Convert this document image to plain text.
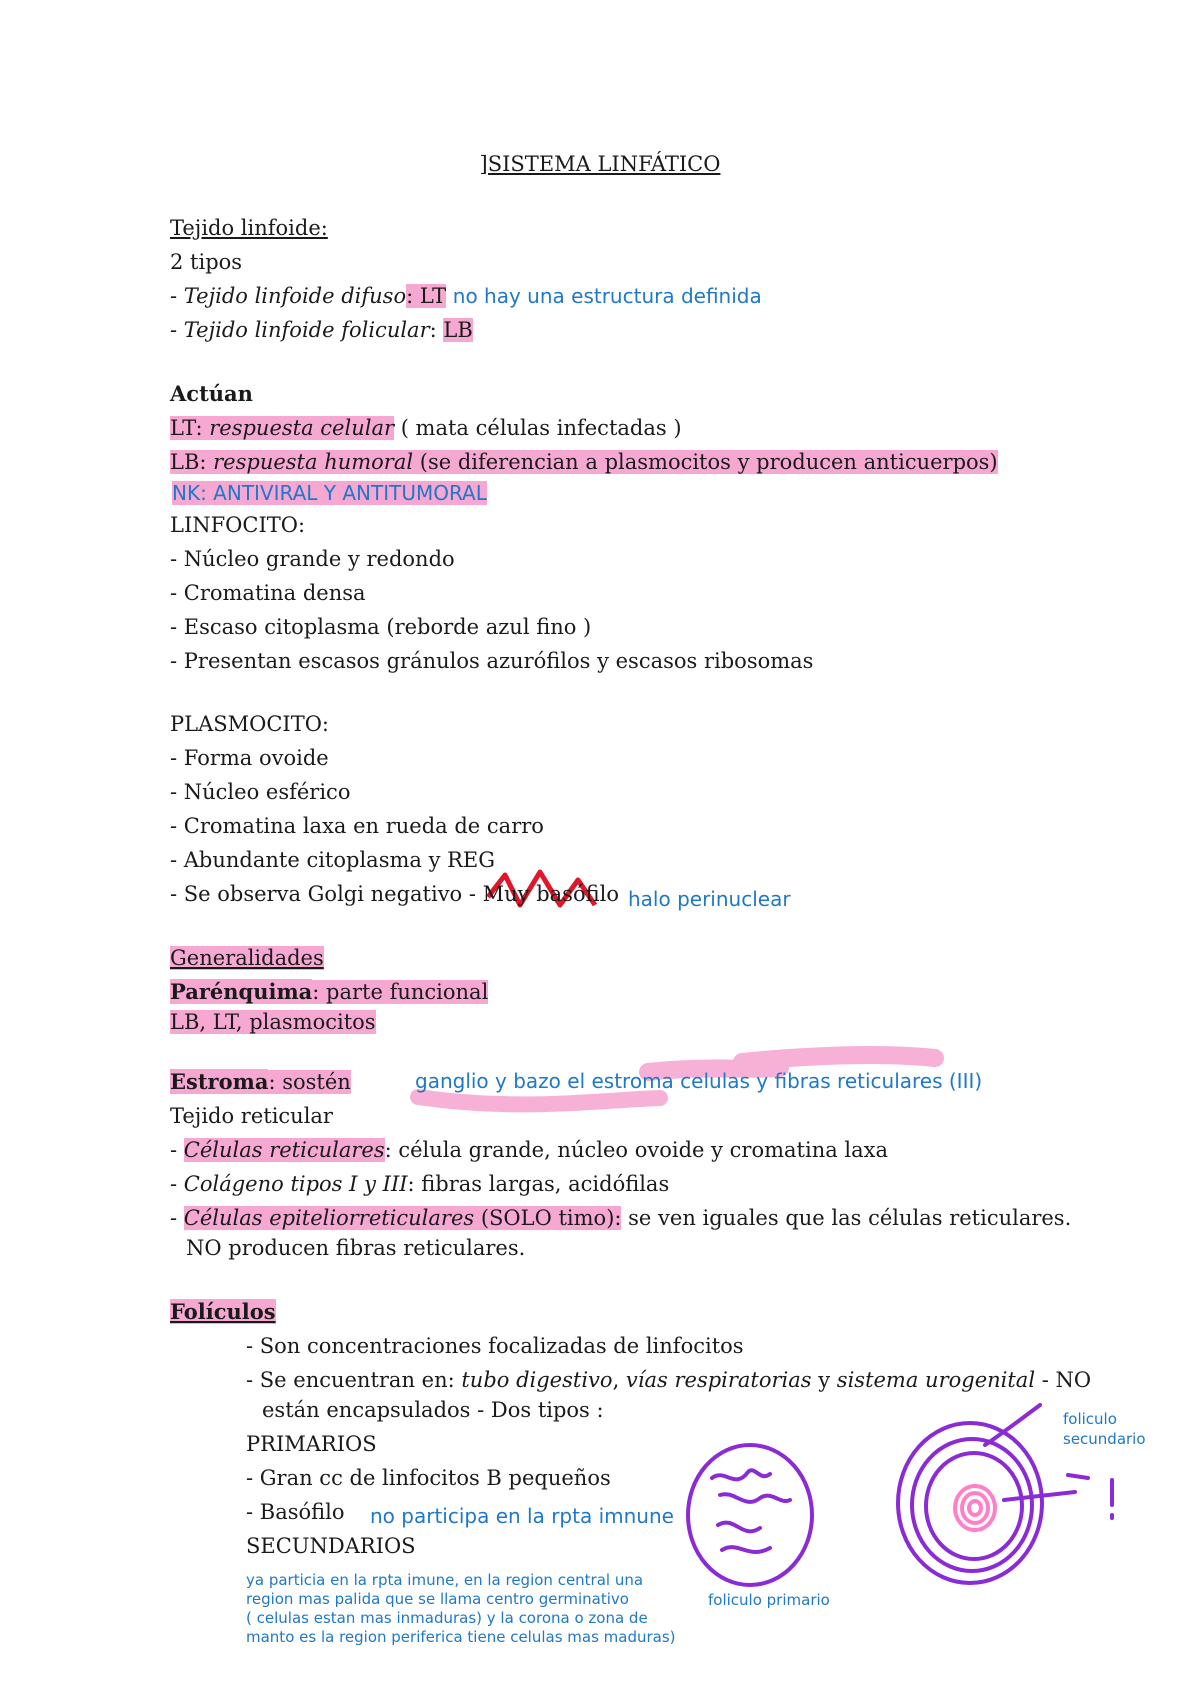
]SISTEMA LINFÁTICO
Tejido linfoide:
2 tipos
- Tejido linfoide difuso: LT no hay una estructura definida
- Tejido linfoide folicular: LB
Actúan
LT: respuesta celular ( mata células infectadas )
LB: respuesta humoral (se diferencian a plasmocitos y producen anticuerpos)
NK: ANTIVIRAL Y ANTITUMORAL
LINFOCITO:
- Núcleo grande y redondo
- Cromatina densa
- Escaso citoplasma (reborde azul fino )
- Presentan escasos gránulos azurófilos y escasos ribosomas
PLASMOCITO:
- Forma ovoide
- Núcleo esférico
- Cromatina laxa en rueda de carro
- Abundante citoplasma y REG
- Se observa Golgi negativo - Muy basófilo halo perinuclear
Generalidades
Parénquima: parte funcional
LB, LT, plasmocitos
Estroma: sostén	ganglio y bazo el estroma celulas y fibras reticulares (III)
Tejido reticular
- Células reticulares: célula grande, núcleo ovoide y cromatina laxa
- Colágeno tipos I y III: fibras largas, acidófilas
- Células epiteliorreticulares (SOLO timo): se ven iguales que las células reticulares.
NO producen fibras reticulares.
Folículos
- Son concentraciones focalizadas de linfocitos
- Se encuentran en: tubo digestivo, vías respiratorias y sistema urogenital - NO
están encapsulados - Dos tipos :
PRIMARIOS
- Gran cc de linfocitos B pequeños
- Basófilo no participa en la rpta imnune
SECUNDARIOS
ya particia en la rpta imune, en la region central una
region mas palida que se llama centro germinativo
( celulas estan mas inmaduras) y la corona o zona de
manto es la region periferica tiene celulas mas maduras)
foliculo
secundario
foliculo primario
